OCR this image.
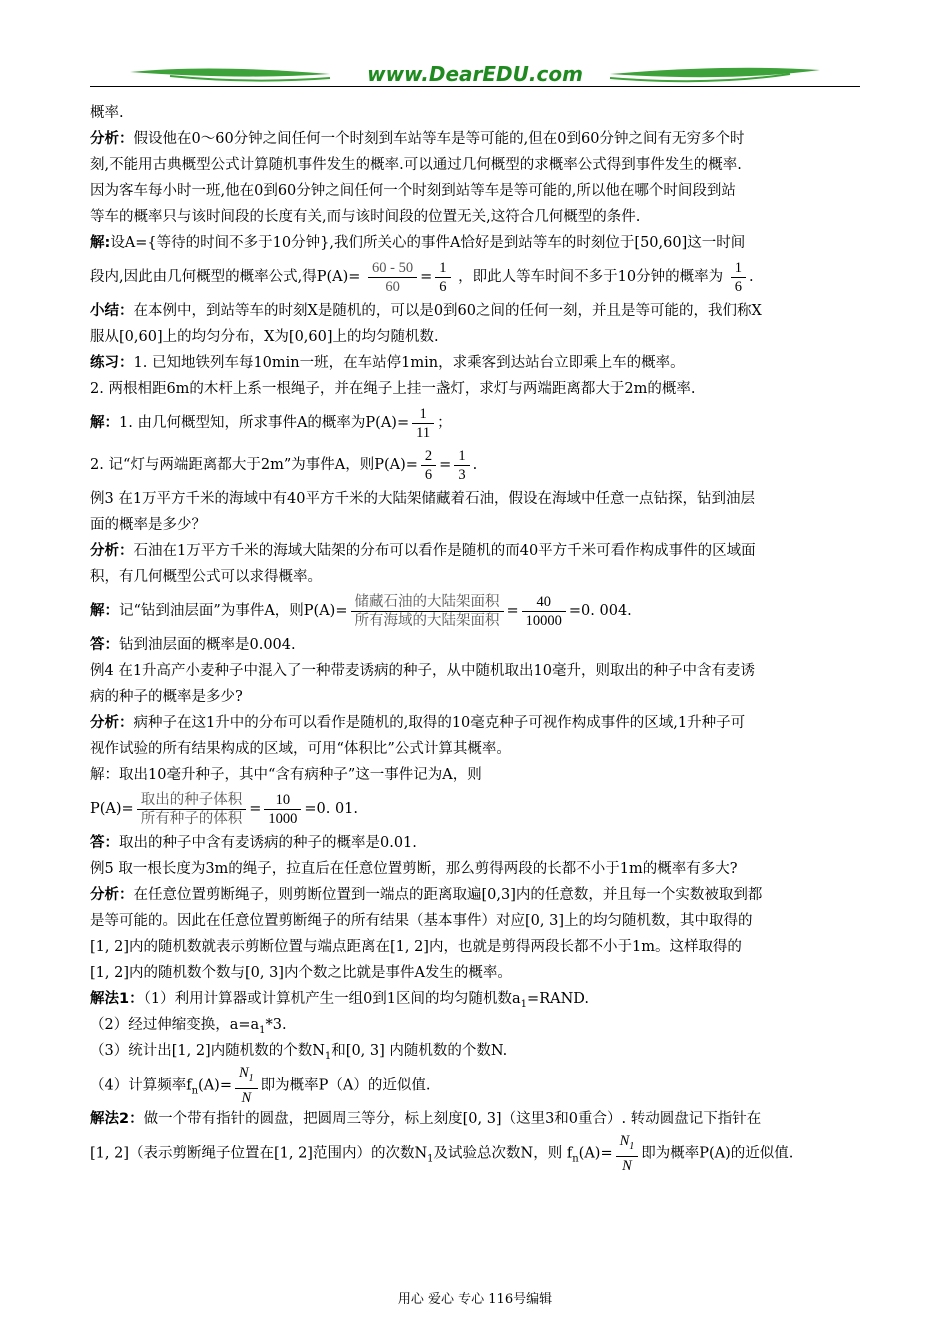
www.DearEDU.com
概率.
分析：假设他在0～60分钟之间任何一个时刻到车站等车是等可能的,但在0到60分钟之间有无穷多个时
刻,不能用古典概型公式计算随机事件发生的概率.可以通过几何概型的求概率公式得到事件发生的概率.
因为客车每小时一班,他在0到60分钟之间任何一个时刻到站等车是等可能的,所以他在哪个时间段到站
等车的概率只与该时间段的长度有关,而与该时间段的位置无关,这符合几何概型的条件.
解:设A={等待的时间不多于10分钟},我们所关心的事件A恰好是到站等车的时刻位于[50,60]这一时间
段内,因此由几何概型的概率公式,得$P(A)= \frac{60 - 50}{60} = \frac{1}{6}$ ，即此人等车时间不多于10分钟的概率为 $\frac{1}{6}$ .
小结：在本例中，到站等车的时刻X是随机的，可以是0到60之间的任何一刻，并且是等可能的，我们称X
服从[0,60]上的均匀分布，X为[0,60]上的均匀随机数.
练习：1. 已知地铁列车每10min一班，在车站停1min，求乘客到达站台立即乘上车的概率。
2. 两根相距6m的木杆上系一根绳子，并在绳子上挂一盏灯，求灯与两端距离都大于2m的概率.
解：1. 由几何概型知，所求事件A的概率为$P(A)= \frac{1}{11}$ ；
2. 记“灯与两端距离都大于2m”为事件A，则$P(A)= \frac{2}{6} = \frac{1}{3}$ .
例3 在1万平方千米的海域中有40平方千米的大陆架储藏着石油，假设在海域中任意一点钻探，钻到油层
面的概率是多少？
分析：石油在1万平方千米的海域大陆架的分布可以看作是随机的而40平方千米可看作构成事件的区域面
积，有几何概型公式可以求得概率。
解：记“钻到油层面”为事件A，则$P(A)= \frac{\text{储藏石油的大陆架面积}}{\text{所有海域的大陆架面积}} = \frac{40}{10000} =0$. 004.
答：钻到油层面的概率是0.004.
例4 在1升高产小麦种子中混入了一种带麦诱病的种子，从中随机取出10毫升，则取出的种子中含有麦诱
病的种子的概率是多少?
分析：病种子在这1升中的分布可以看作是随机的,取得的10毫克种子可视作构成事件的区域,1升种子可
视作试验的所有结果构成的区域，可用“体积比”公式计算其概率。
解：取出10毫升种子，其中“含有病种子”这一事件记为A，则
$P(A)= \frac{\text{取出的种子体积}}{\text{所有种子的体积}} = \frac{10}{1000} =0$. 01.
答：取出的种子中含有麦诱病的种子的概率是0.01.
例5 取一根长度为3m的绳子，拉直后在任意位置剪断，那么剪得两段的长都不小于1m的概率有多大?
分析：在任意位置剪断绳子，则剪断位置到一端点的距离取遍[0,3]内的任意数，并且每一个实数被取到都
是等可能的。因此在任意位置剪断绳子的所有结果（基本事件）对应[0, 3]上的均匀随机数，其中取得的
[1, 2]内的随机数就表示剪断位置与端点距离在[1, 2]内，也就是剪得两段长都不小于1m。这样取得的
[1, 2]内的随机数个数与[0, 3]内个数之比就是事件A发生的概率。
解法1：（1）利用计算器或计算机产生一组0到1区间的均匀随机数$a_1=RAND$.
（2）经过伸缩变换，$a=a_1*3$.
（3）统计出[1, 2]内随机数的个数$N_1$和[0, 3] 内随机数的个数N.
（4）计算频率$f_n(A)= \frac{N_1}{N}$ 即为概率P（A）的近似值.
解法2：做一个带有指针的圆盘，把圆周三等分，标上刻度[0, 3]（这里3和0重合）. 转动圆盘记下指针在
[1, 2]（表示剪断绳子位置在[1, 2]范围内）的次数$N_1$及试验总次数N，则 $f_n(A)= \frac{N_1}{N}$ 即为概率P(A)的近似值.
用心 爱心 专心 116号编辑
